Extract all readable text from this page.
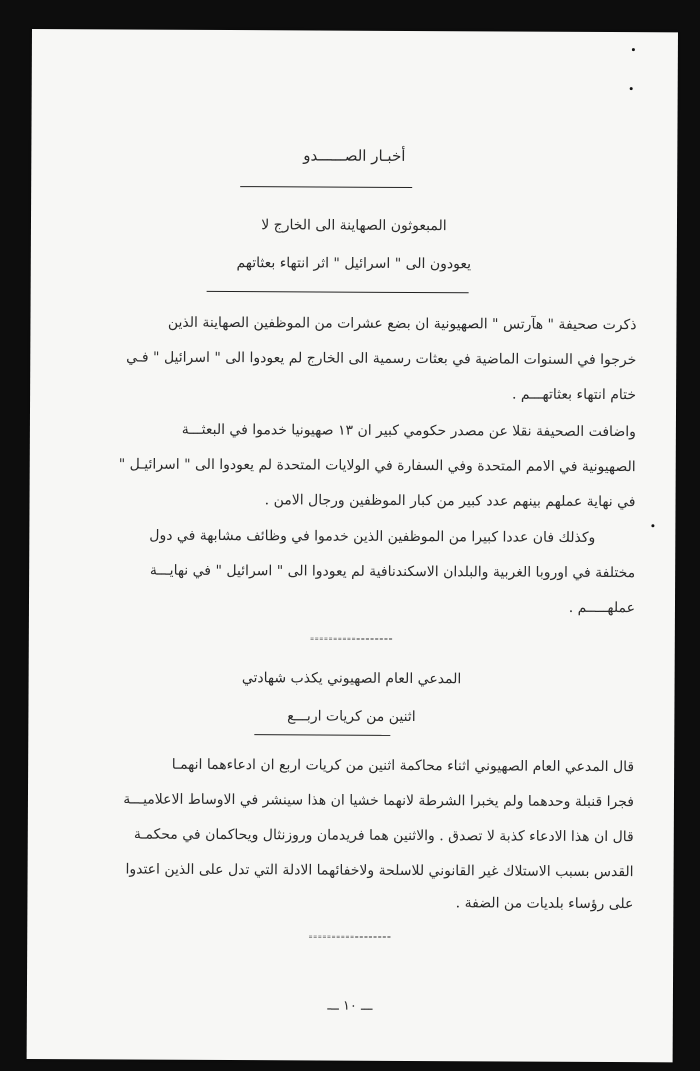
أخبـار الصــــــدو
المبعوثون الصهاينة الى الخارج لا
يعودون الى " اسرائيل " اثر انتهاء بعثاتهم
ذكرت صحيفة " هآرتس " الصهيونية ان بضع عشرات من الموظفين الصهاينة الذين
خرجوا في السنوات الماضية في بعثات رسمية الى الخارج لم يعودوا الى " اسرائيل " فـي
ختام انتهاء بعثاتهـــم .
واضافت الصحيفة نقلا عن مصدر حكومي كبير ان ١٣ صهيونيا خدموا في البعثـــة
الصهيونية في الامم المتحدة وفي السفارة في الولايات المتحدة لم يعودوا الى " اسرائيـل "
في نهاية عملهم بينهم عدد كبير من كبار الموظفين ورجال الامن .
وكذلك فان عددا كبيرا من الموظفين الذين خدموا في وظائف مشابهة في دول
مختلفة في اوروبا الغربية والبلدان الاسكندنافية لم يعودوا الى " اسرائيل " في نهايـــة
عملهـــــم .
==================
المدعي العام الصهيوني يكذب شهادتي
اثنين من كريات اربـــع
قال المدعي العام الصهيوني اثناء محاكمة اثنين من كريات اربع ان ادعاءهما انهمـا
فجرا قنبلة وحدهما ولم يخبرا الشرطة لانهما خشيا ان هذا سينشر في الاوساط الاعلاميـــة
قال ان هذا الادعاء كذبة لا تصدق . والاثنين هما فريدمان وروزنثال ويحاكمان في محكمـة
القدس بسبب الاستلاك غير القانوني للاسلحة ولاخفائهما الادلة التي تدل على الذين اعتدوا
على رؤساء بلديات من الضفة .
==================
ـــ ١٠ ـــ
